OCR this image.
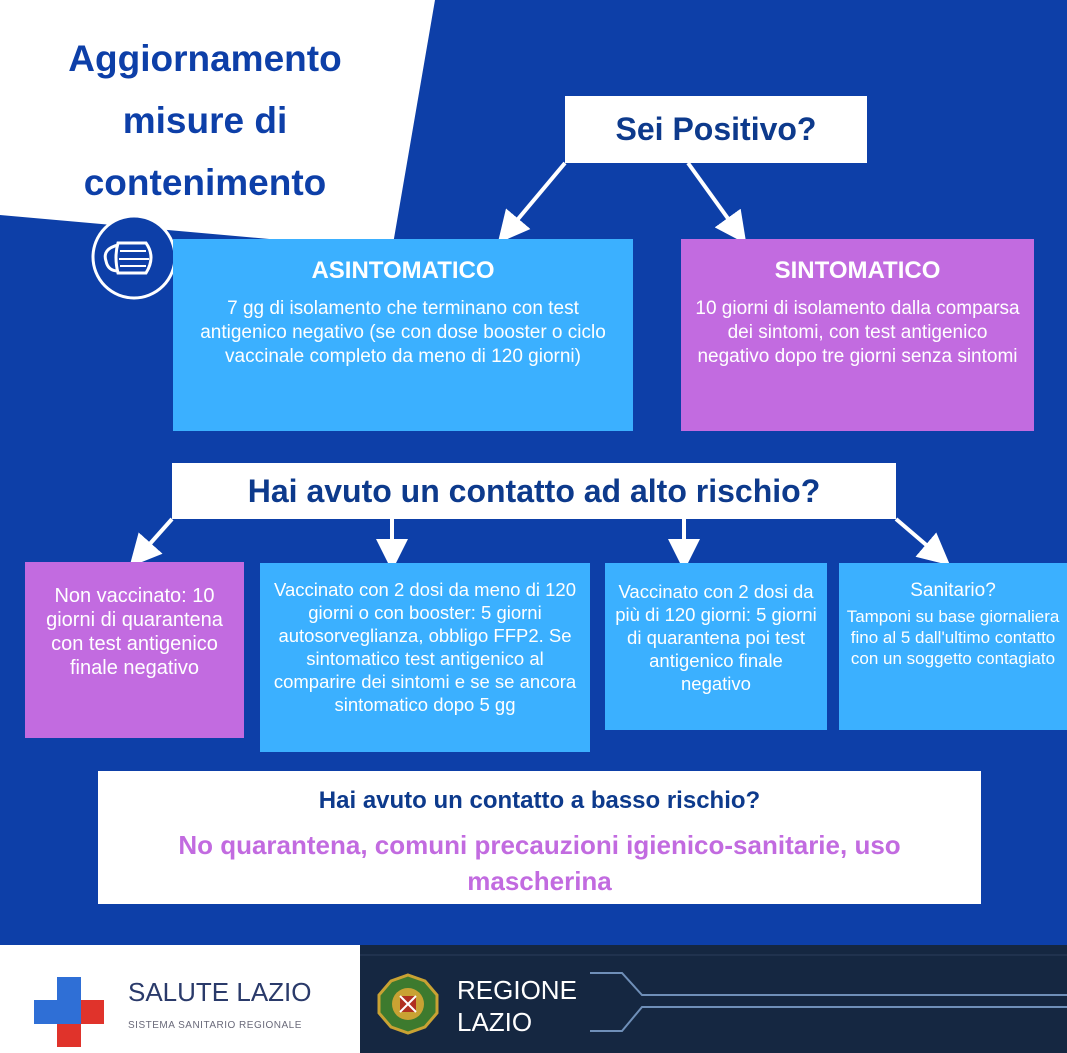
Aggiornamento
misure di
contenimento
Sei Positivo?
ASINTOMATICO
7 gg di isolamento che terminano con test antigenico negativo (se con dose booster o ciclo vaccinale completo da meno di 120 giorni)
SINTOMATICO
10 giorni di isolamento dalla comparsa dei sintomi, con test antigenico negativo dopo tre giorni senza sintomi
Hai avuto un contatto ad alto rischio?
Non vaccinato: 10 giorni di quarantena con test antigenico finale negativo
Vaccinato con 2 dosi da meno di 120 giorni o con booster: 5 giorni autosorveglianza, obbligo FFP2. Se sintomatico test antigenico al comparire dei sintomi e se se ancora sintomatico dopo 5 gg
Vaccinato con 2 dosi da più di 120 giorni: 5 giorni di quarantena poi test antigenico finale negativo
Sanitario?
Tamponi su base giornaliera fino al 5 dall'ultimo contatto con un soggetto contagiato
Hai avuto un contatto a basso rischio?
No quarantena, comuni precauzioni igienico-sanitarie, uso mascherina
SALUTE LAZIO
SISTEMA SANITARIO REGIONALE
REGIONE
LAZIO
